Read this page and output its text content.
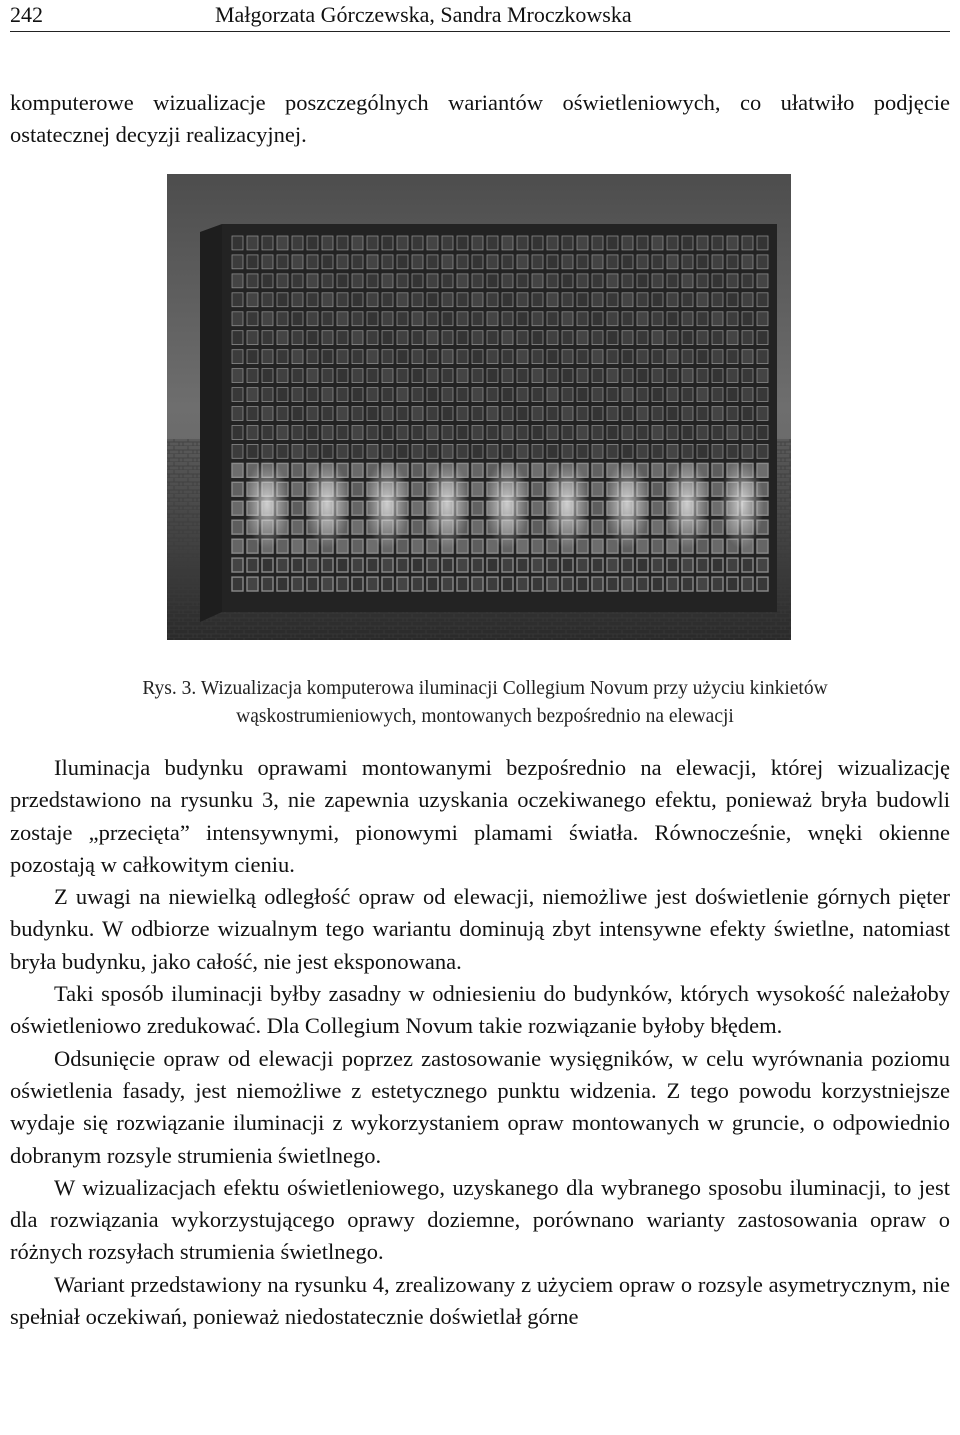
242	Małgorzata Górczewska, Sandra Mroczkowska

komputerowe wizualizacje poszczególnych wariantów oświetleniowych, co ułatwiło podjęcie ostatecznej decyzji realizacyjnej.

Rys. 3. Wizualizacja komputerowa iluminacji Collegium Novum przy użyciu kinkietów wąskostrumieniowych, montowanych bezpośrednio na elewacji

Iluminacja budynku oprawami montowanymi bezpośrednio na elewacji, której wizualizację przedstawiono na rysunku 3, nie zapewnia uzyskania oczekiwanego efektu, ponieważ bryła budowli zostaje „przecięta” intensywnymi, pionowymi plamami światła. Równocześnie, wnęki okienne pozostają w całkowitym cieniu.

Z uwagi na niewielką odległość opraw od elewacji, niemożliwe jest doświetlenie górnych pięter budynku. W odbiorze wizualnym tego wariantu dominują zbyt intensywne efekty świetlne, natomiast bryła budynku, jako całość, nie jest eksponowana.

Taki sposób iluminacji byłby zasadny w odniesieniu do budynków, których wysokość należałoby oświetleniowo zredukować. Dla Collegium Novum takie rozwiązanie byłoby błędem.

Odsunięcie opraw od elewacji poprzez zastosowanie wysięgników, w celu wyrównania poziomu oświetlenia fasady, jest niemożliwe z estetycznego punktu widzenia. Z tego powodu korzystniejsze wydaje się rozwiązanie iluminacji z wykorzystaniem opraw montowanych w gruncie, o odpowiednio dobranym rozsyle strumienia świetlnego.

W wizualizacjach efektu oświetleniowego, uzyskanego dla wybranego sposobu iluminacji, to jest dla rozwiązania wykorzystującego oprawy doziemne, porównano warianty zastosowania opraw o różnych rozsyłach strumienia świetlnego.

Wariant przedstawiony na rysunku 4, zrealizowany z użyciem opraw o rozsyle asymetrycznym, nie spełniał oczekiwań, ponieważ niedostatecznie doświetlał górne
